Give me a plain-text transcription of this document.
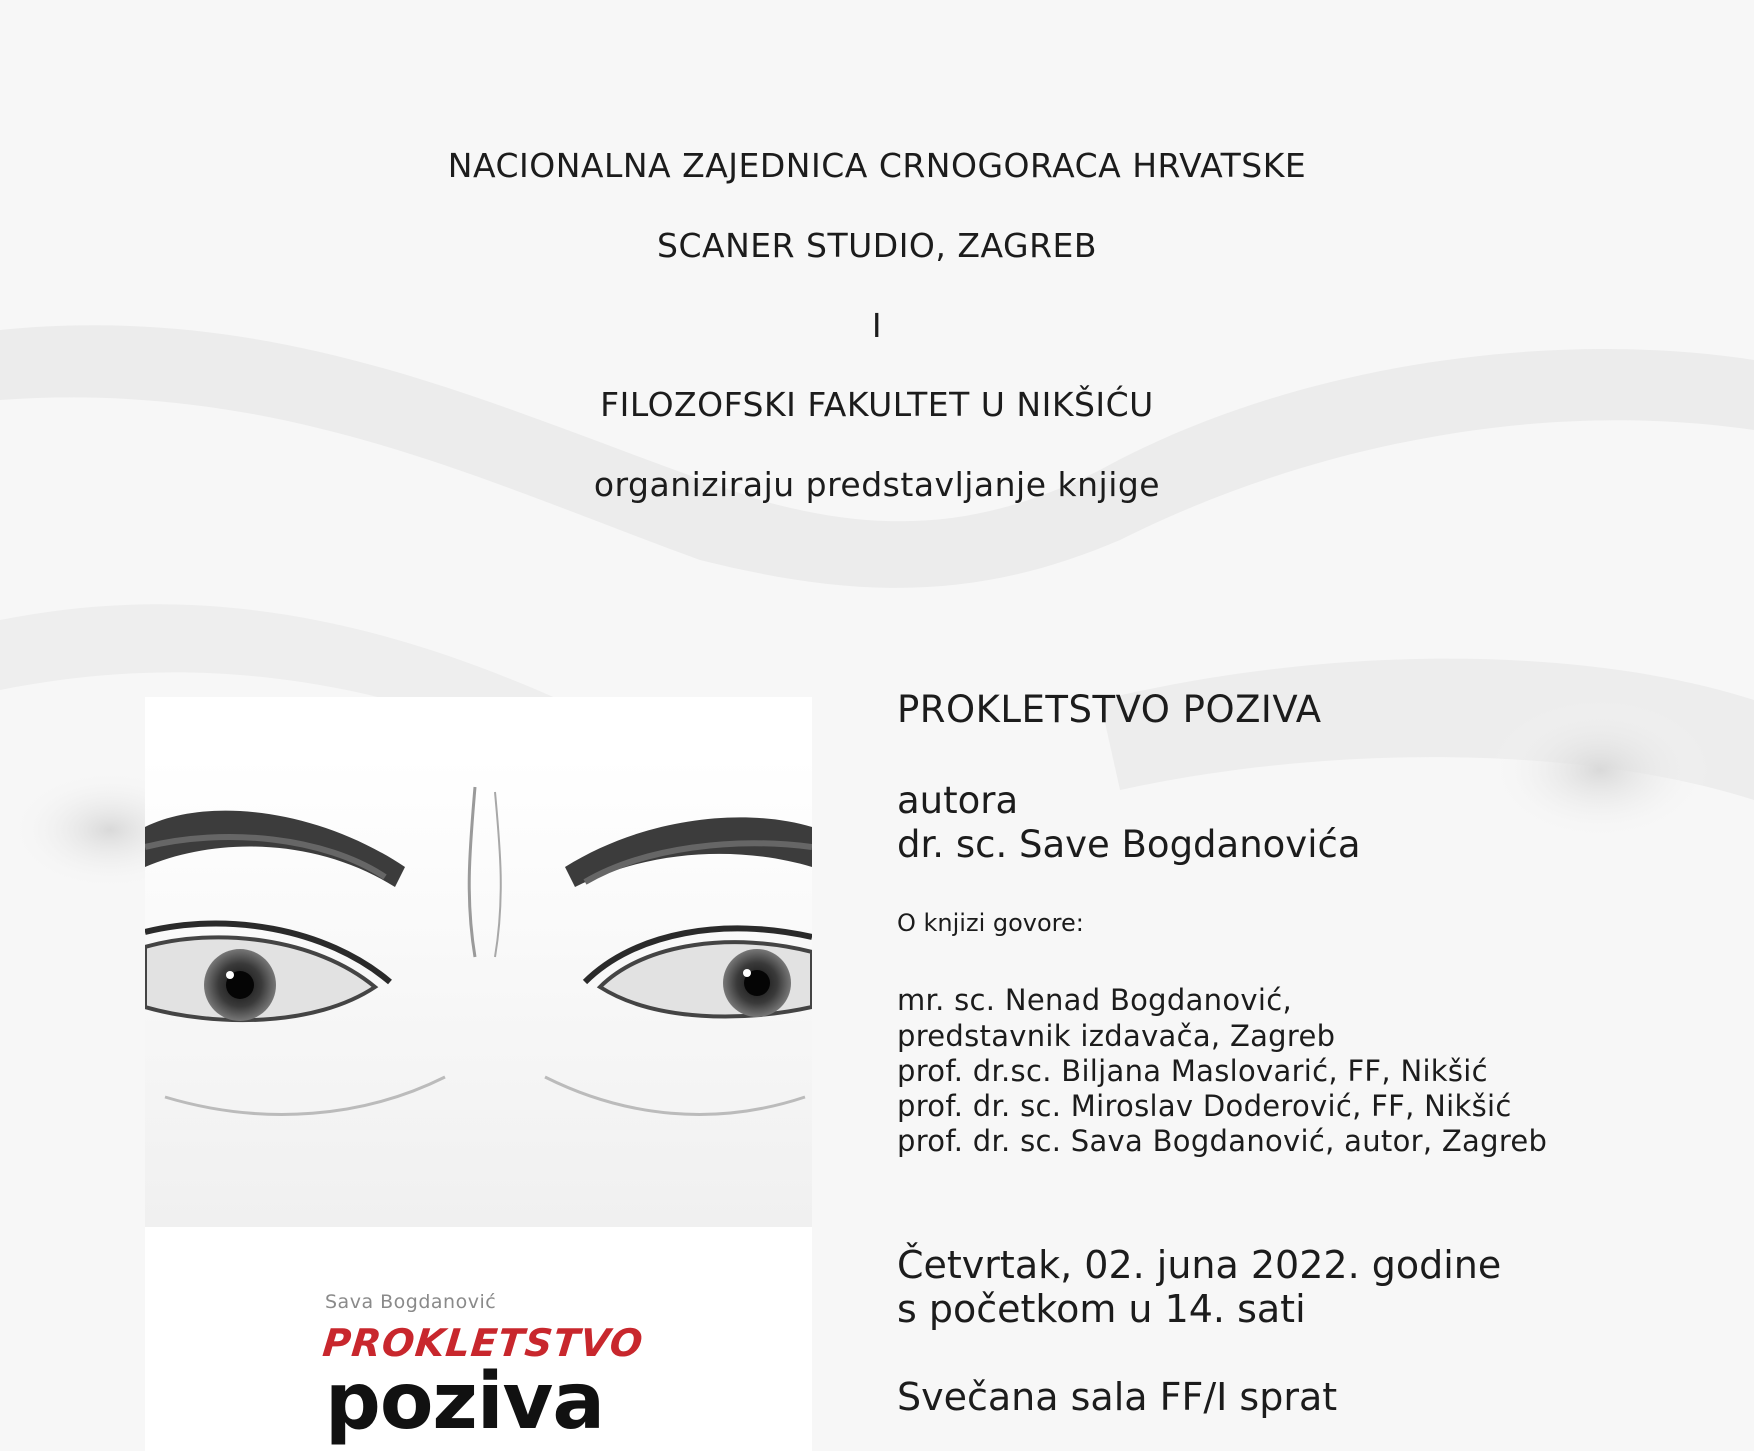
NACIONALNA ZAJEDNICA CRNOGORACA HRVATSKE
SCANER STUDIO, ZAGREB
I
FILOZOFSKI FAKULTET U NIKŠIĆU
organiziraju predstavljanje knjige
Sava Bogdanović
PROKLETSTVO
poziva
PROKLETSTVO POZIVA
autora
dr. sc. Save Bogdanovića
O knjizi govore:
mr. sc. Nenad Bogdanović,
predstavnik izdavača, Zagreb
prof. dr.sc. Biljana Maslovarić, FF, Nikšić
prof. dr. sc. Miroslav Doderović, FF, Nikšić
prof. dr. sc. Sava Bogdanović, autor, Zagreb
Četvrtak, 02. juna 2022. godine
s početkom u 14. sati
Svečana sala FF/I sprat
